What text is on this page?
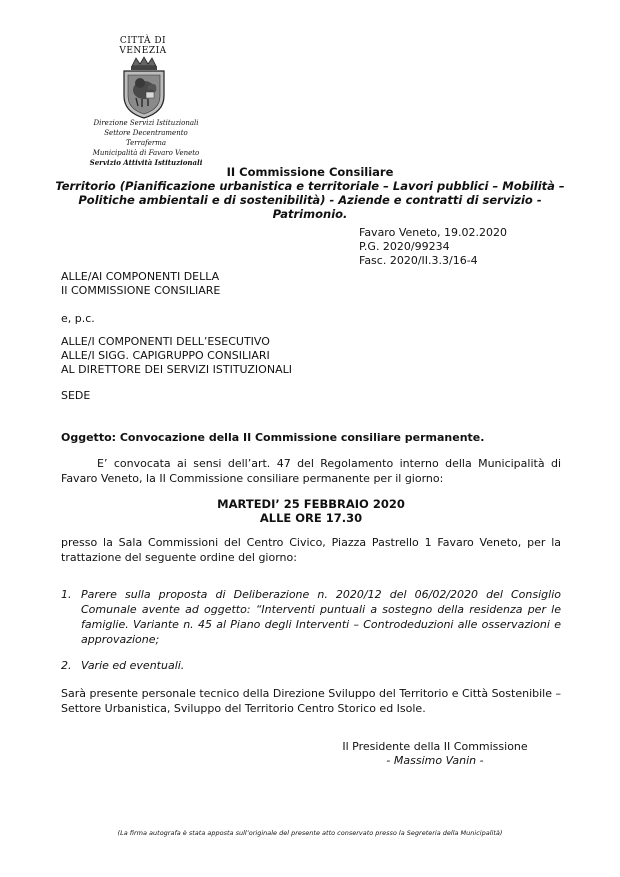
CITTÀ DI
VENEZIA
Direzione Servizi Istituzionali
Settore Decentramento Terraferma
Municipalità di Favaro Veneto
Servizio Attività Istituzionali
II Commissione Consiliare
Territorio (Pianificazione urbanistica e territoriale – Lavori pubblici – Mobilità –
Politiche ambientali e di sostenibilità) - Aziende e contratti di servizio - Patrimonio.
Favaro Veneto, 19.02.2020
P.G. 2020/99234
Fasc. 2020/II.3.3/16-4
ALLE/AI COMPONENTI DELLA
II COMMISSIONE CONSILIARE
e, p.c.
ALLE/I COMPONENTI DELL’ESECUTIVO
ALLE/I SIGG. CAPIGRUPPO CONSILIARI
AL DIRETTORE DEI SERVIZI ISTITUZIONALI
SEDE
Oggetto: Convocazione della II Commissione consiliare permanente.
E’ convocata ai sensi dell’art. 47 del Regolamento interno della Municipalità di Favaro Veneto, la II Commissione consiliare permanente per il giorno:
MARTEDI’ 25 FEBBRAIO 2020
ALLE ORE 17.30
presso la Sala Commissioni del Centro Civico, Piazza Pastrello 1 Favaro Veneto, per la trattazione del seguente ordine del giorno:
1. Parere sulla proposta di Deliberazione n. 2020/12 del 06/02/2020 del Consiglio Comunale avente ad oggetto: “Interventi puntuali a sostegno della residenza per le famiglie. Variante n. 45 al Piano degli Interventi – Controdeduzioni alle osservazioni e approvazione;
2. Varie ed eventuali.
Sarà presente personale tecnico della Direzione Sviluppo del Territorio e Città Sostenibile – Settore Urbanistica, Sviluppo del Territorio Centro Storico ed Isole.
Il Presidente della II Commissione
- Massimo Vanin -
(La firma autografa è stata apposta sull’originale del presente atto conservato presso la Segreteria della Municipalità)
